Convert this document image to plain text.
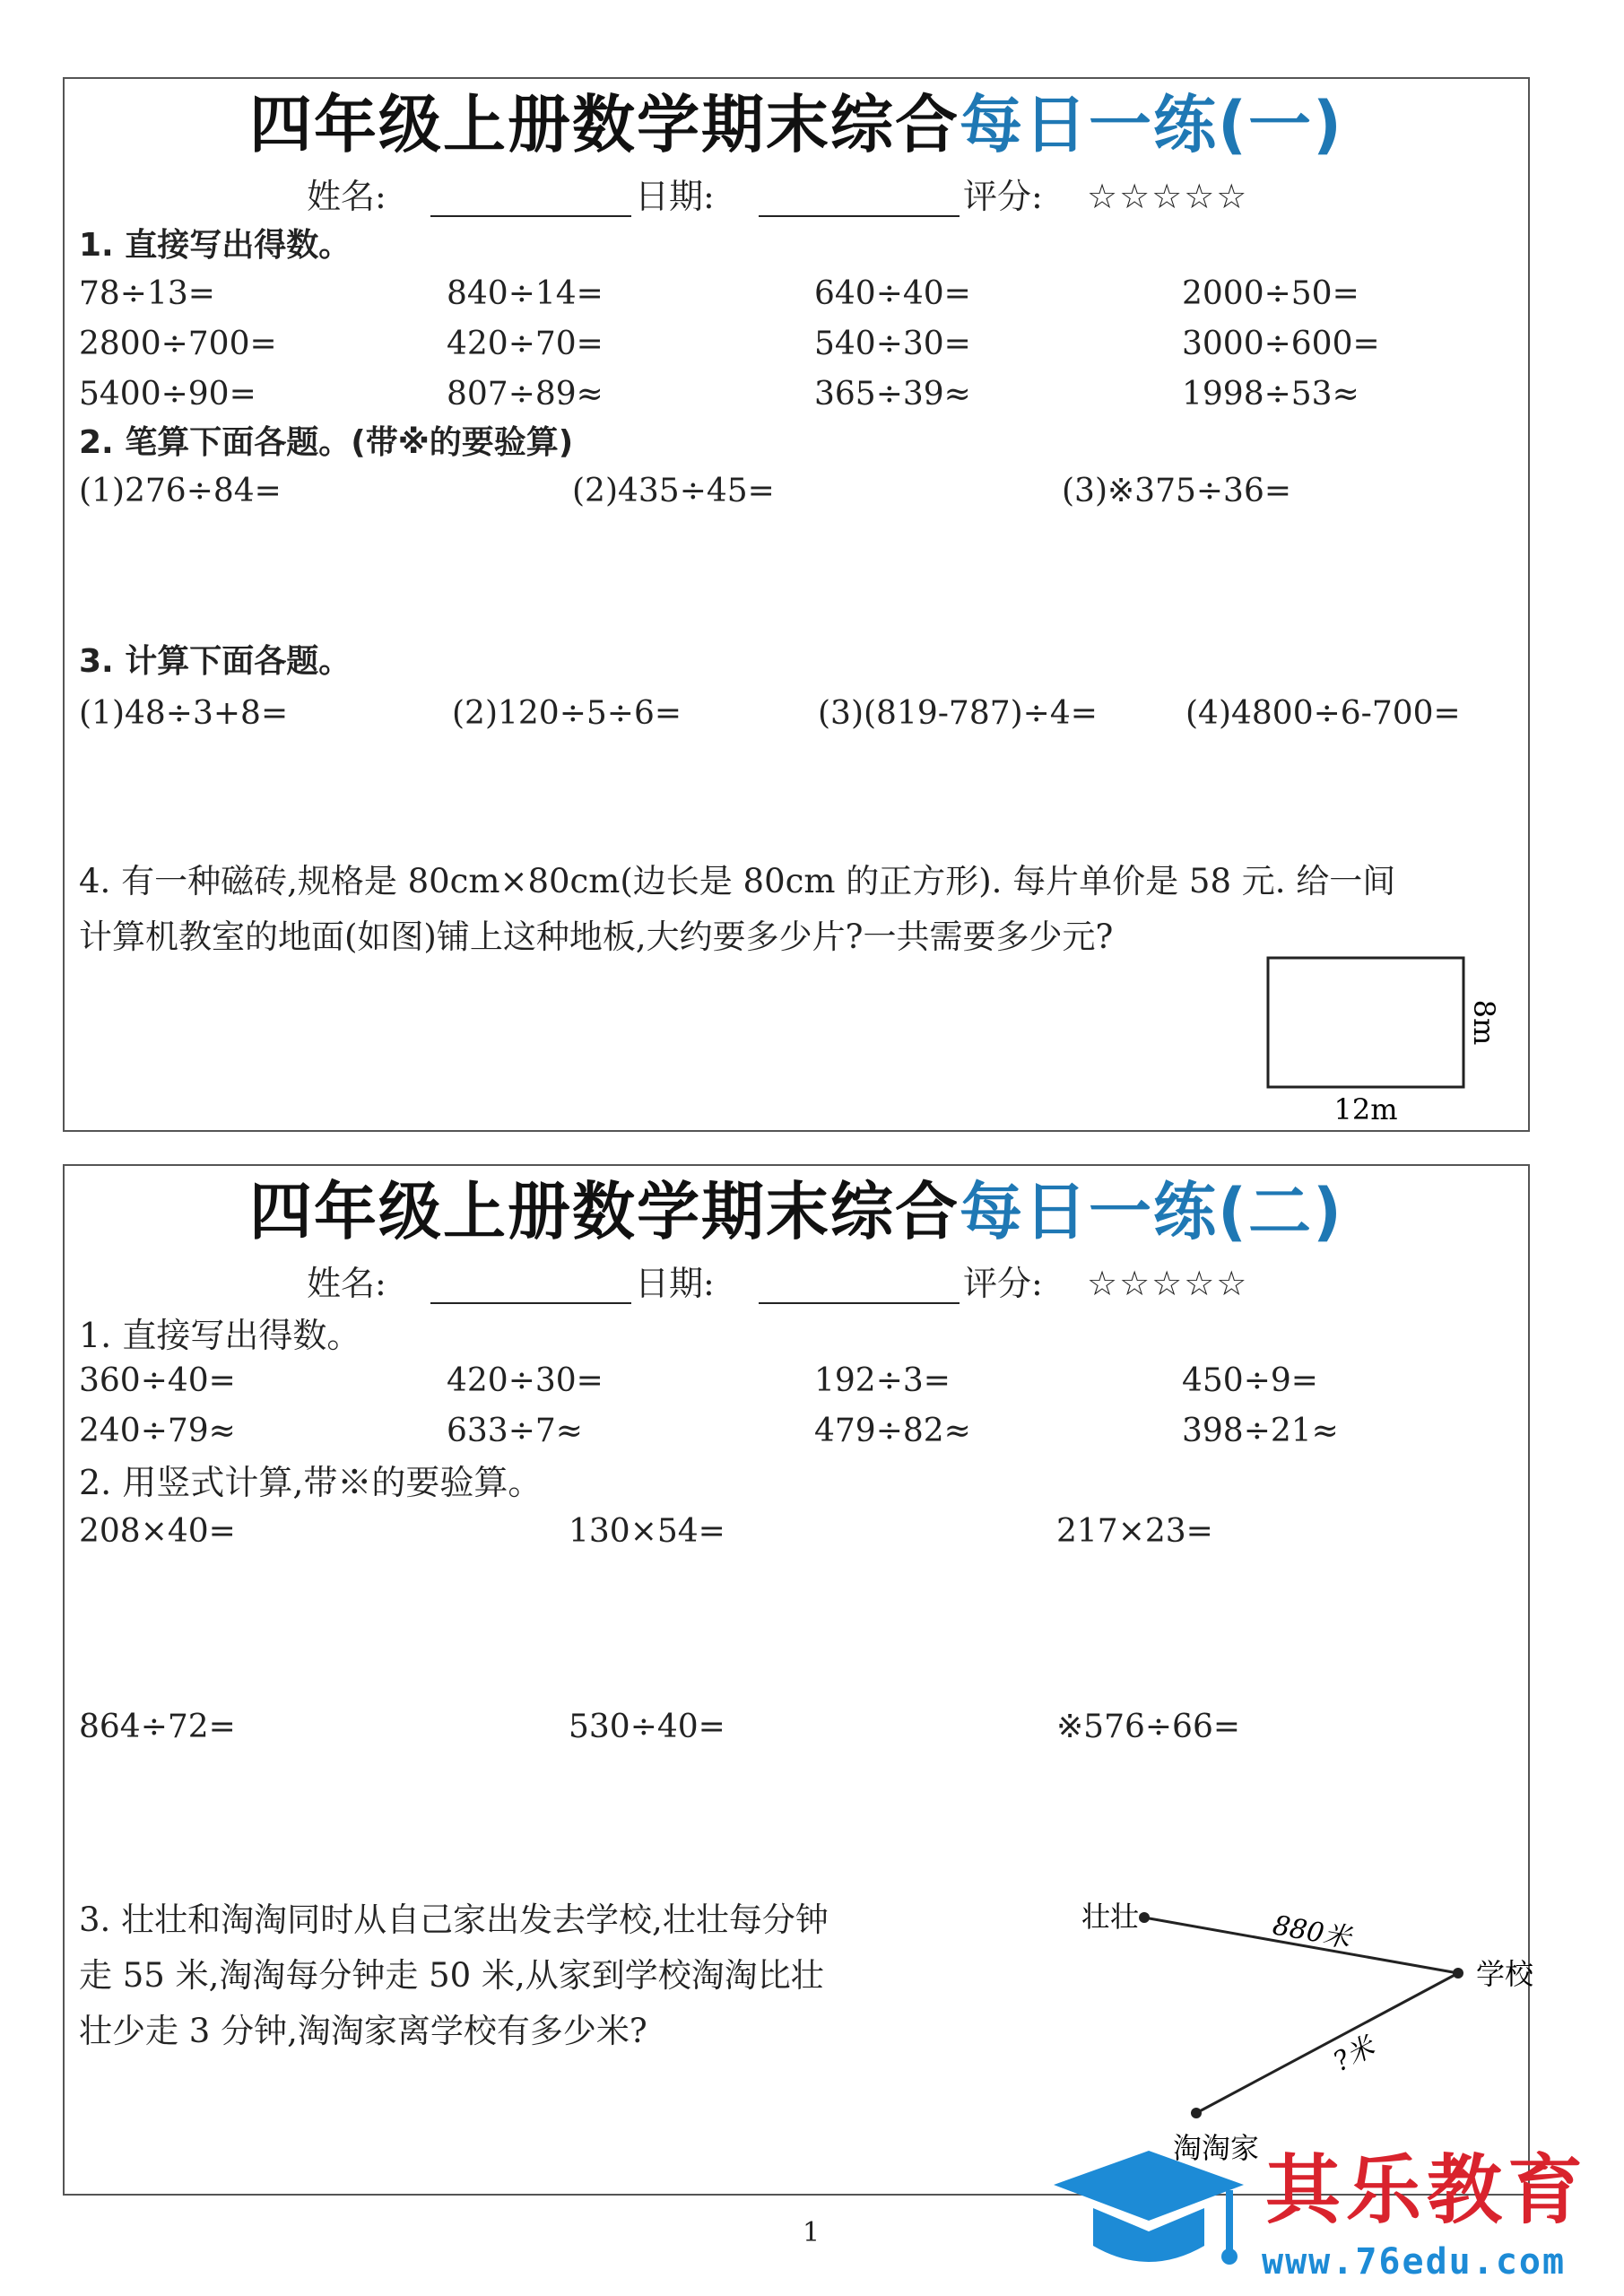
四年级上册数学期末综合每日一练(一)
姓名:	日期:	评分: ☆☆☆☆☆
1. 直接写出得数。
78÷13=	840÷14=	640÷40=	2000÷50=
2800÷700=	420÷70=	540÷30=	3000÷600=
5400÷90=	807÷89≈	365÷39≈	1998÷53≈
2. 笔算下面各题。(带※的要验算)
(1)276÷84=	(2)435÷45=	(3)※375÷36=
3. 计算下面各题。
(1)48÷3+8=	(2)120÷5÷6=	(3)(819-787)÷4=	(4)4800÷6-700=
4. 有一种磁砖,规格是 80cm×80cm(边长是 80cm 的正方形). 每片单价是 58 元. 给一间
计算机教室的地面(如图)铺上这种地板,大约要多少片?一共需要多少元?
12m
8m
四年级上册数学期末综合每日一练(二)
姓名:	日期:	评分: ☆☆☆☆☆
1. 直接写出得数。
360÷40=	420÷30=	192÷3=	450÷9=
240÷79≈	633÷7≈	479÷82≈	398÷21≈
2. 用竖式计算,带※的要验算。
208×40=	130×54=	217×23=
864÷72=	530÷40=	※576÷66=
3. 壮壮和淘淘同时从自己家出发去学校,壮壮每分钟
走 55 米,淘淘每分钟走 50 米,从家到学校淘淘比壮
壮少走 3 分钟,淘淘家离学校有多少米?
壮壮
学校
淘淘家
880米
?米
1	其乐教育
www.76edu.com
